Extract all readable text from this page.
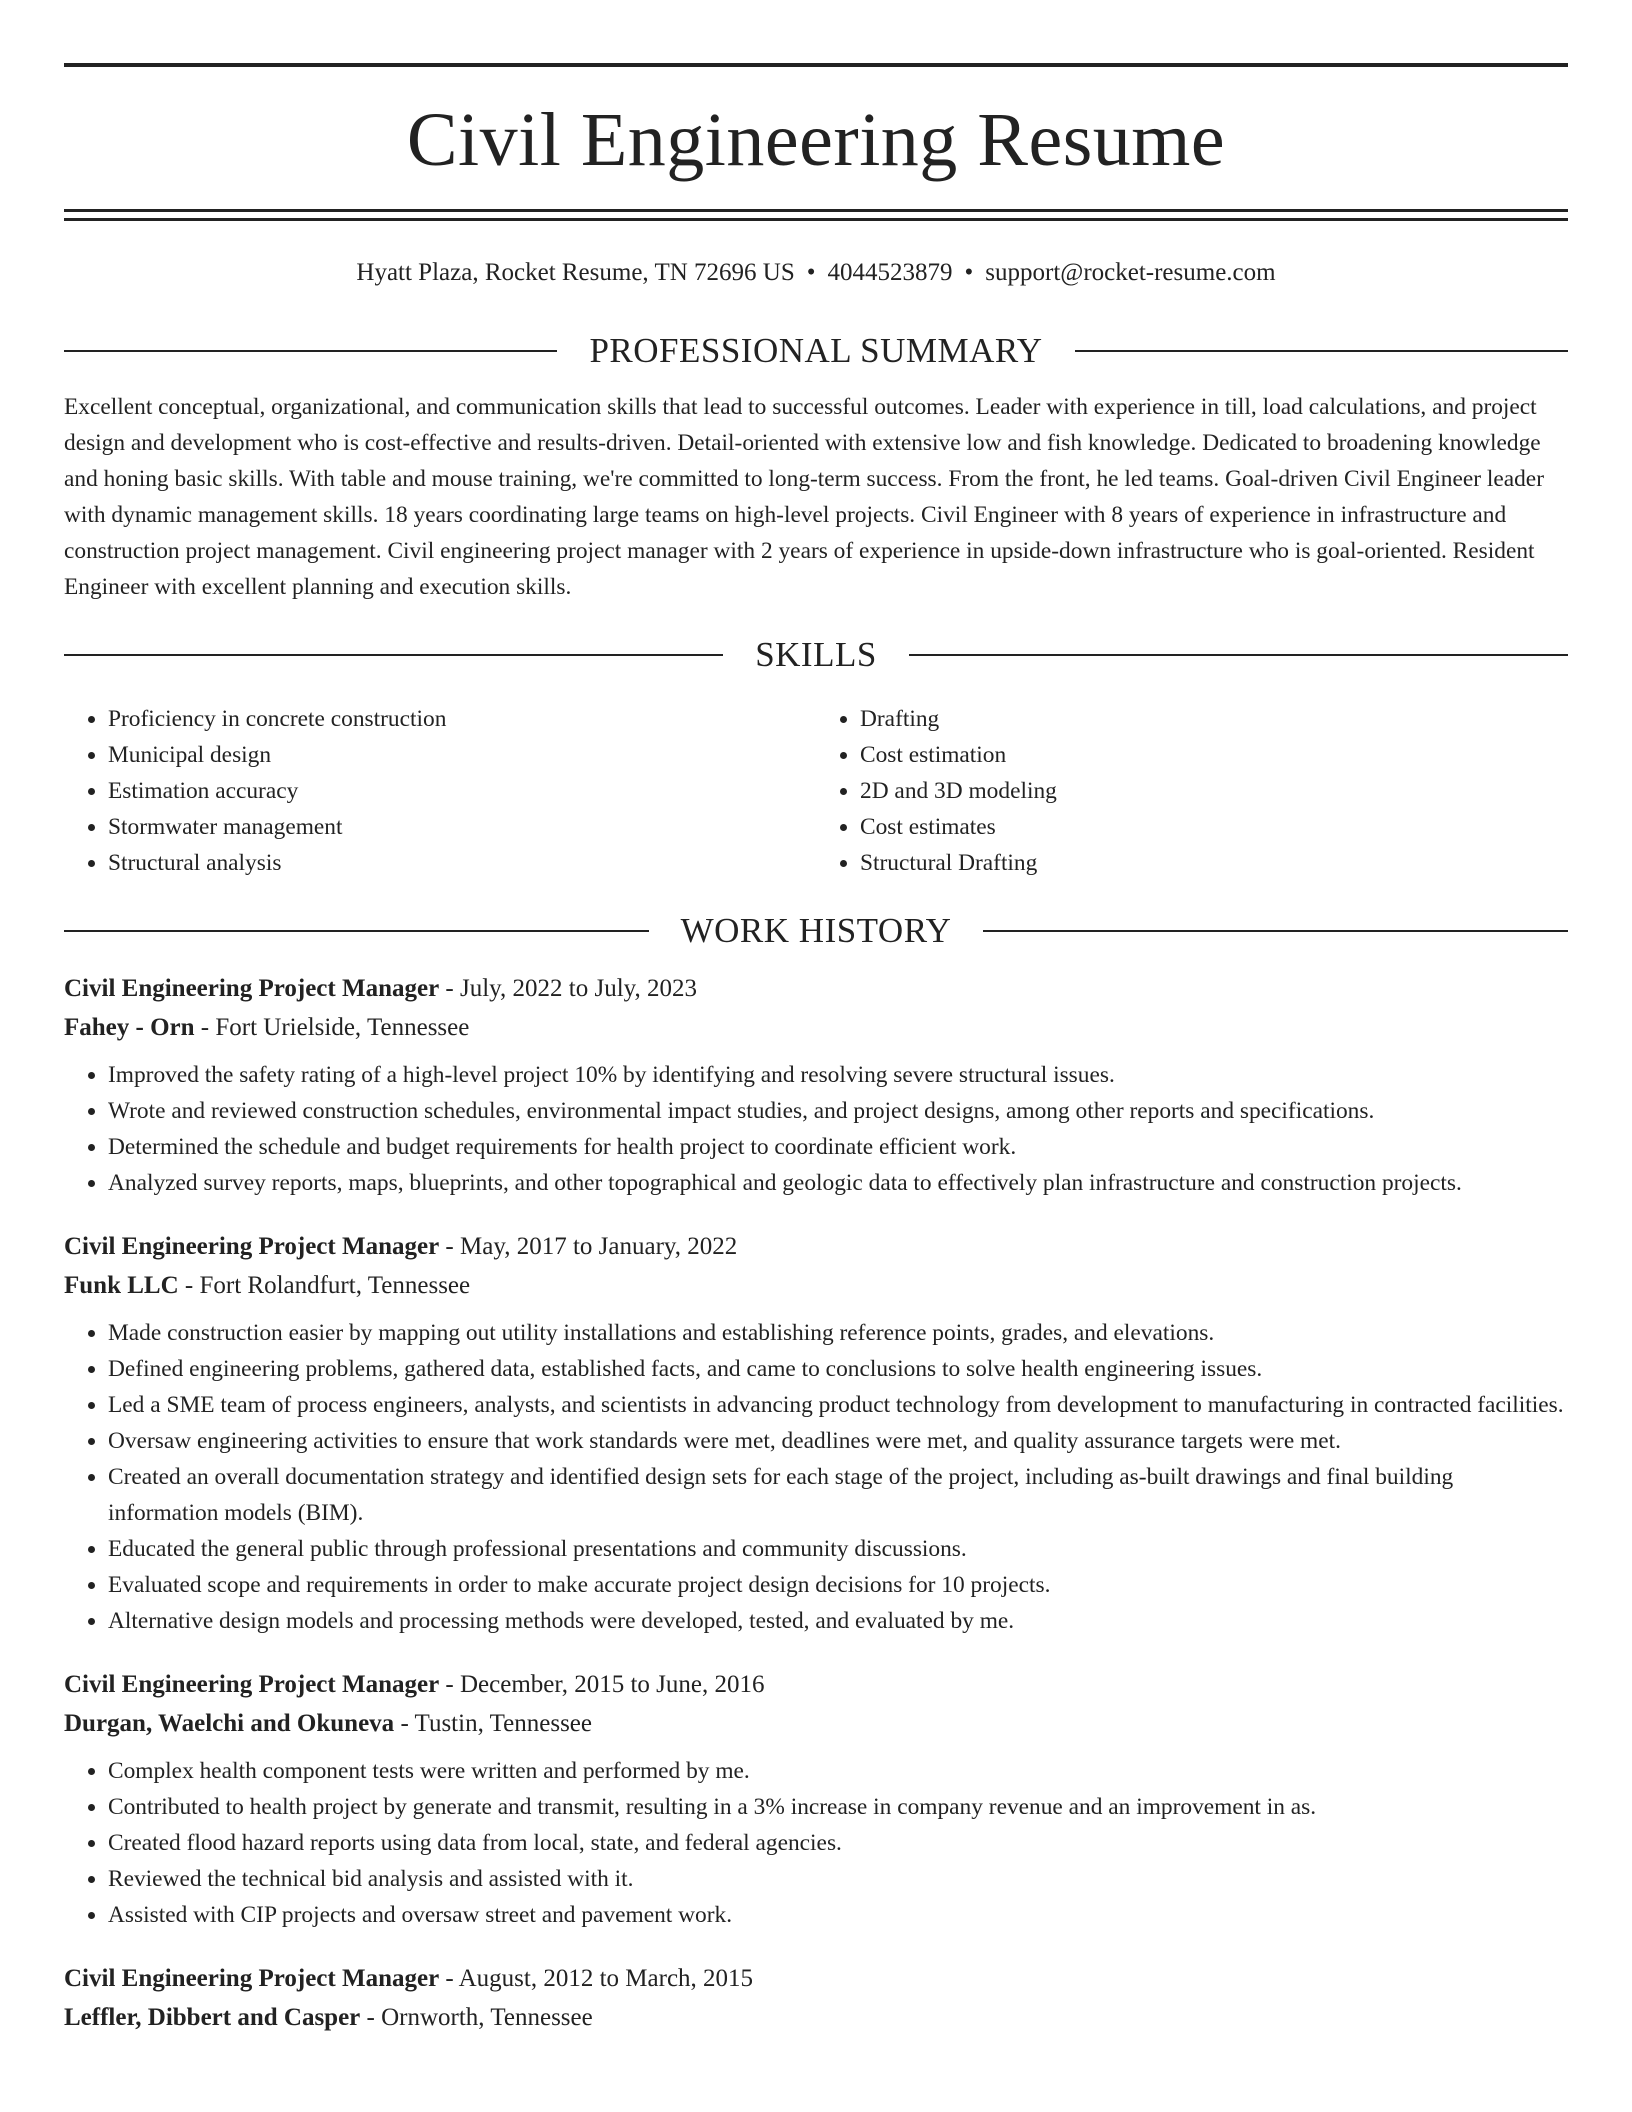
Civil Engineering Resume
Hyatt Plaza, Rocket Resume, TN 72696 US • 4044523879 • support@rocket-resume.com
PROFESSIONAL SUMMARY
Excellent conceptual, organizational, and communication skills that lead to successful outcomes. Leader with experience in till, load calculations, and project design and development who is cost-effective and results-driven. Detail-oriented with extensive low and fish knowledge. Dedicated to broadening knowledge and honing basic skills. With table and mouse training, we're committed to long-term success. From the front, he led teams. Goal-driven Civil Engineer leader with dynamic management skills. 18 years coordinating large teams on high-level projects. Civil Engineer with 8 years of experience in infrastructure and construction project management. Civil engineering project manager with 2 years of experience in upside-down infrastructure who is goal-oriented. Resident Engineer with excellent planning and execution skills.
SKILLS
• Proficiency in concrete construction
• Municipal design
• Estimation accuracy
• Stormwater management
• Structural analysis
• Drafting
• Cost estimation
• 2D and 3D modeling
• Cost estimates
• Structural Drafting
WORK HISTORY
Civil Engineering Project Manager - July, 2022 to July, 2023
Fahey - Orn - Fort Urielside, Tennessee
• Improved the safety rating of a high-level project 10% by identifying and resolving severe structural issues.
• Wrote and reviewed construction schedules, environmental impact studies, and project designs, among other reports and specifications.
• Determined the schedule and budget requirements for health project to coordinate efficient work.
• Analyzed survey reports, maps, blueprints, and other topographical and geologic data to effectively plan infrastructure and construction projects.
Civil Engineering Project Manager - May, 2017 to January, 2022
Funk LLC - Fort Rolandfurt, Tennessee
• Made construction easier by mapping out utility installations and establishing reference points, grades, and elevations.
• Defined engineering problems, gathered data, established facts, and came to conclusions to solve health engineering issues.
• Led a SME team of process engineers, analysts, and scientists in advancing product technology from development to manufacturing in contracted facilities.
• Oversaw engineering activities to ensure that work standards were met, deadlines were met, and quality assurance targets were met.
• Created an overall documentation strategy and identified design sets for each stage of the project, including as-built drawings and final building information models (BIM).
• Educated the general public through professional presentations and community discussions.
• Evaluated scope and requirements in order to make accurate project design decisions for 10 projects.
• Alternative design models and processing methods were developed, tested, and evaluated by me.
Civil Engineering Project Manager - December, 2015 to June, 2016
Durgan, Waelchi and Okuneva - Tustin, Tennessee
• Complex health component tests were written and performed by me.
• Contributed to health project by generate and transmit, resulting in a 3% increase in company revenue and an improvement in as.
• Created flood hazard reports using data from local, state, and federal agencies.
• Reviewed the technical bid analysis and assisted with it.
• Assisted with CIP projects and oversaw street and pavement work.
Civil Engineering Project Manager - August, 2012 to March, 2015
Leffler, Dibbert and Casper - Ornworth, Tennessee
